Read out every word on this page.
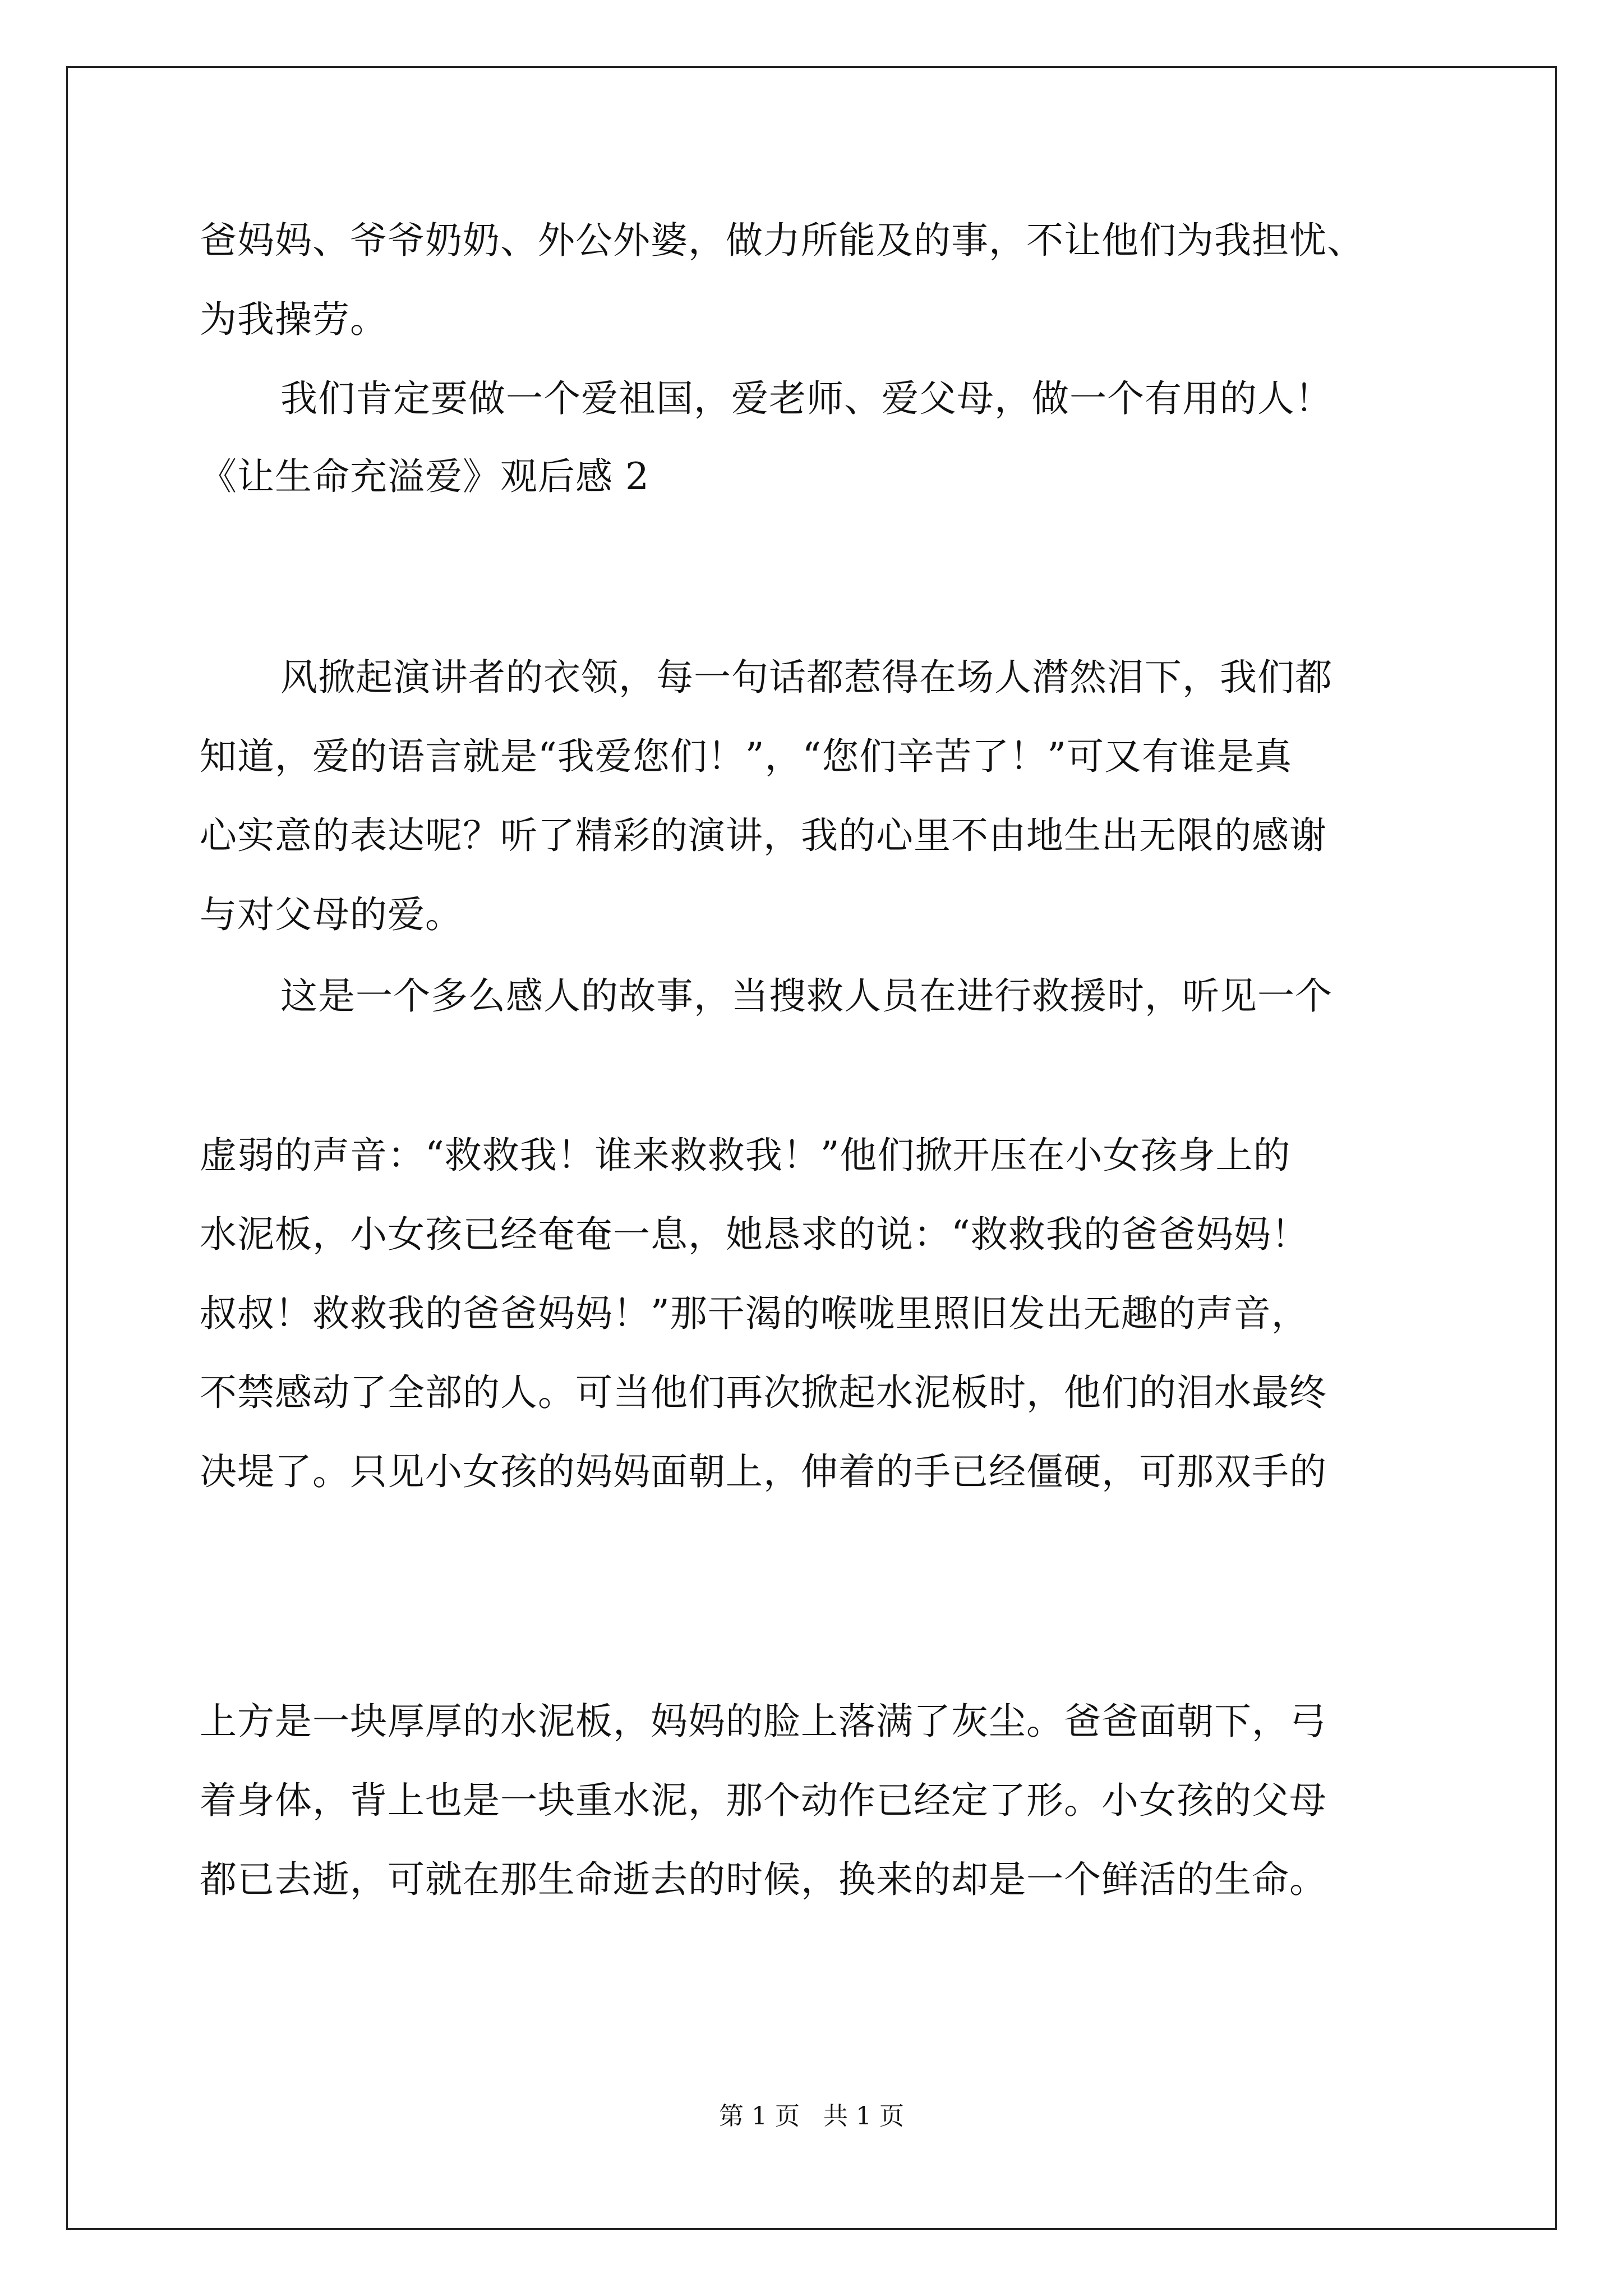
爸妈妈、爷爷奶奶、外公外婆，做力所能及的事，不让他们为我担忧、
为我操劳。
我们肯定要做一个爱祖国，爱老师、爱父母，做一个有用的人！
《让生命充溢爱》观后感 2
风掀起演讲者的衣领，每一句话都惹得在场人潸然泪下，我们都
知道，爱的语言就是“我爱您们！”，“您们辛苦了！”可又有谁是真
心实意的表达呢？听了精彩的演讲，我的心里不由地生出无限的感谢
与对父母的爱。
这是一个多么感人的故事，当搜救人员在进行救援时，听见一个
虚弱的声音：“救救我！谁来救救我！”他们掀开压在小女孩身上的
水泥板，小女孩已经奄奄一息，她恳求的说：“救救我的爸爸妈妈！
叔叔！救救我的爸爸妈妈！”那干渴的喉咙里照旧发出无趣的声音，
不禁感动了全部的人。可当他们再次掀起水泥板时，他们的泪水最终
决堤了。只见小女孩的妈妈面朝上，伸着的手已经僵硬，可那双手的
上方是一块厚厚的水泥板，妈妈的脸上落满了灰尘。爸爸面朝下，弓
着身体，背上也是一块重水泥，那个动作已经定了形。小女孩的父母
都已去逝，可就在那生命逝去的时候，换来的却是一个鲜活的生命。
第 1 页   共 1 页
